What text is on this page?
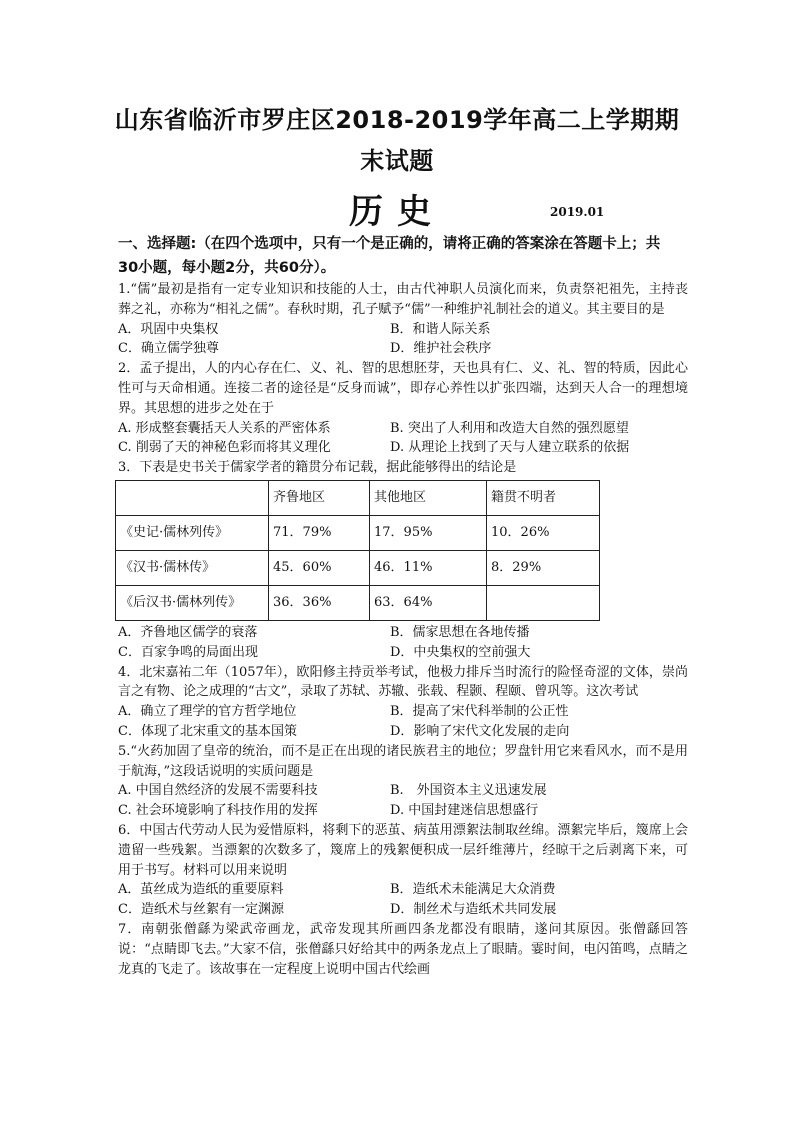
山东省临沂市罗庄区2018-2019学年高二上学期期
末试题
历史	2019.01
一、选择题:（在四个选项中，只有一个是正确的，请将正确的答案涂在答题卡上；共30小题，每小题2分，共60分）。

1.“儒”最初是指有一定专业知识和技能的人士，由古代神职人员演化而来，负责祭祀祖先，主持丧葬之礼，亦称为“相礼之儒”。春秋时期，孔子赋予“儒”一种维护礼制社会的道义。其主要目的是

A．巩固中央集权	B．和谐人际关系
C．确立儒学独尊	D．维护社会秩序

2．孟子提出，人的内心存在仁、义、礼、智的思想胚芽，天也具有仁、义、礼、智的特质，因此心性可与天命相通。连接二者的途径是“反身而诚”，即存心养性以扩张四端，达到天人合一的理想境界。其思想的进步之处在于

A. 形成整套囊括天人关系的严密体系	B. 突出了人利用和改造大自然的强烈愿望
C. 削弱了天的神秘色彩而将其义理化	D. 从理论上找到了天与人建立联系的依据

3．下表是史书关于儒家学者的籍贯分布记载，据此能够得出的结论是

	齐鲁地区	其他地区	籍贯不明者
《史记·儒林列传》	71．79%	17．95%	10．26%
《汉书·儒林传》	45．60%	46．11%	8．29%
《后汉书·儒林列传》	36．36%	63．64%	
A．齐鲁地区儒学的衰落	B．儒家思想在各地传播
C．百家争鸣的局面出现	D．中央集权的空前强大

4．北宋嘉祐二年（1057年），欧阳修主持贡举考试，他极力排斥当时流行的险怪奇涩的文体，崇尚言之有物、论之成理的“古文”，录取了苏轼、苏辙、张载、程颢、程颐、曾巩等。这次考试

A．确立了理学的官方哲学地位	B．提高了宋代科举制的公正性
C．体现了北宋重文的基本国策	D．影响了宋代文化发展的走向

5.“火药加固了皇帝的统治，而不是正在出现的诸民族君主的地位；罗盘针用它来看风水，而不是用于航海，”这段话说明的实质问题是

A. 中国自然经济的发展不需要科技	B.　外国资本主义迅速发展
C. 社会环境影响了科技作用的发挥	D. 中国封建迷信思想盛行

6．中国古代劳动人民为爱惜原料，将剩下的恶茧、病茧用漂絮法制取丝绵。漂絮完毕后，篾席上会遗留一些残絮。当漂絮的次数多了，篾席上的残絮便积成一层纤维薄片，经晾干之后剥离下来，可用于书写。材料可以用来说明

A．茧丝成为造纸的重要原料	B．造纸术未能满足大众消费
C．造纸术与丝絮有一定渊源	D．制丝术与造纸术共同发展

7．南朝张僧繇为梁武帝画龙，武帝发现其所画四条龙都没有眼睛，遂问其原因。张僧繇回答说：“点睛即飞去。”大家不信，张僧繇只好给其中的两条龙点上了眼睛。霎时间，电闪笛鸣，点睛之龙真的飞走了。该故事在一定程度上说明中国古代绘画
